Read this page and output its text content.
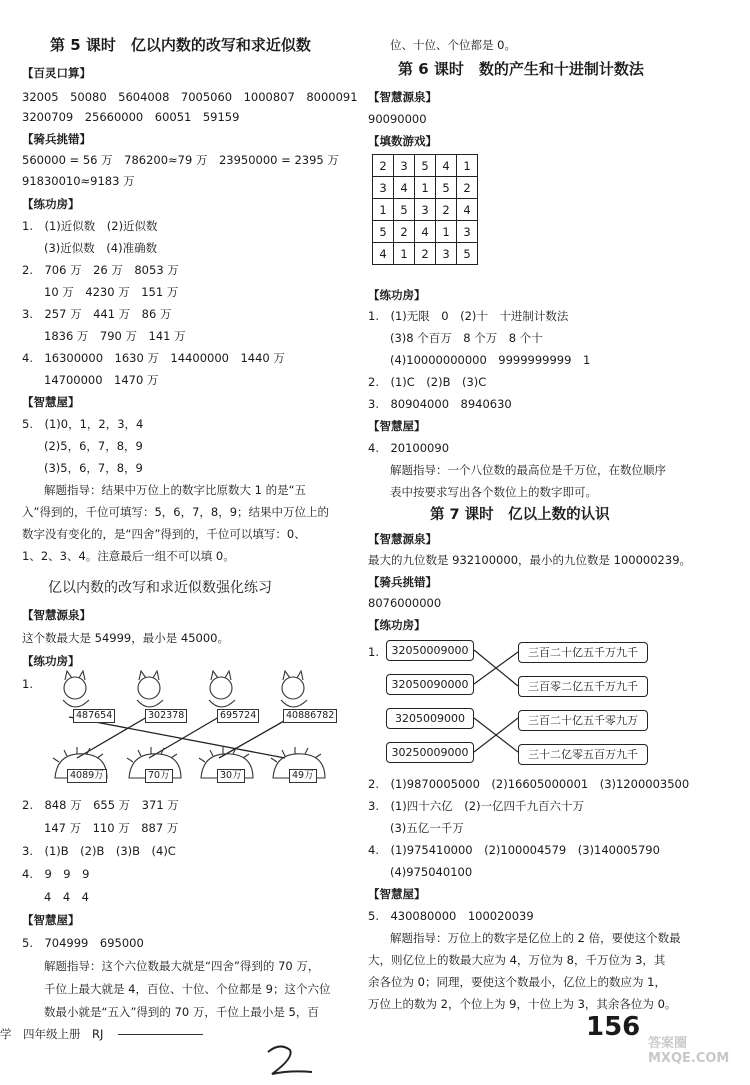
第 5 课时　亿以内数的改写和求近似数
【百灵口算】
32005　50080　5604008　7005060　1000807　8000091
3200709　25660000　60051　59159
【骑兵挑错】
560000 = 56 万　786200≈79 万　23950000 = 2395 万
91830010≈9183 万
【练功房】
1.　(1)近似数　(2)近似数
(3)近似数　(4)准确数
2.　706 万　26 万　8053 万
10 万　4230 万　151 万
3.　257 万　441 万　86 万
1836 万　790 万　141 万
4.　16300000　1630 万　14400000　1440 万
14700000　1470 万
【智慧屋】
5.　(1)0，1，2，3，4
(2)5，6，7，8，9
(3)5，6，7，8，9
解题指导：结果中万位上的数字比原数大 1 的是“五
入”得到的，千位可填写：5，6，7，8，9；结果中万位上的
数字没有变化的，是“四舍”得到的，千位可以填写：0、
1、2、3、4。注意最后一组不可以填 0。
亿以内数的改写和求近似数强化练习
【智慧源泉】
这个数最大是 54999，最小是 45000。
【练功房】
1.
487654	302378	695724	40886782
4089万	70万	30万	49万
2.　848 万　655 万　371 万
147 万　110 万　887 万
3.　(1)B　(2)B　(3)B　(4)C
4.　9　9　9
4　4　4
【智慧屋】
5.　704999　695000
解题指导：这个六位数最大就是“四舍”得到的 70 万，
千位上最大就是 4，百位、十位、个位都是 9；这个六位
数最小就是“五入”得到的 70 万，千位上最小是 5，百
位、十位、个位都是 0。
第 6 课时　数的产生和十进制计数法
【智慧源泉】
90090000
【填数游戏】
2	3	5	4	1
3	4	1	5	2
1	5	3	2	4
5	2	4	1	3
4	1	2	3	5
【练功房】
1.　(1)无限　0　(2)十　十进制计数法
(3)8 个百万　8 个万　8 个十
(4)10000000000　9999999999　1
2.　(1)C　(2)B　(3)C
3.　80904000　8940630
【智慧屋】
4.　20100090
解题指导：一个八位数的最高位是千万位，在数位顺序
表中按要求写出各个数位上的数字即可。
第 7 课时　亿以上数的认识
【智慧源泉】
最大的九位数是 932100000，最小的九位数是 100000239。
【骑兵挑错】
8076000000
【练功房】
1.	32050009000
32050090000
3205009000
30250009000
三百二十亿五千万九千
三百零二亿五千万九千
三百二十亿五千零九万
三十二亿零五百万九千
2.　(1)9870005000　(2)16605000001　(3)1200003500
3.　(1)四十六亿　(2)一亿四千九百六十万
(3)五亿一千万
4.　(1)975410000　(2)100004579　(3)140005790
(4)975040100
【智慧屋】
5.　430080000　100020039
解题指导：万位上的数字是亿位上的 2 倍，要使这个数最
大，则亿位上的数最大应为 4，万位为 8，千万位为 3，其
余各位为 0；同理，要使这个数最小，亿位上的数应为 1，
万位上的数为 2，个位上为 9，十位上为 3，其余各位为 0。
学　四年级上册　RJ	156
答案圈 MXQE.COM
